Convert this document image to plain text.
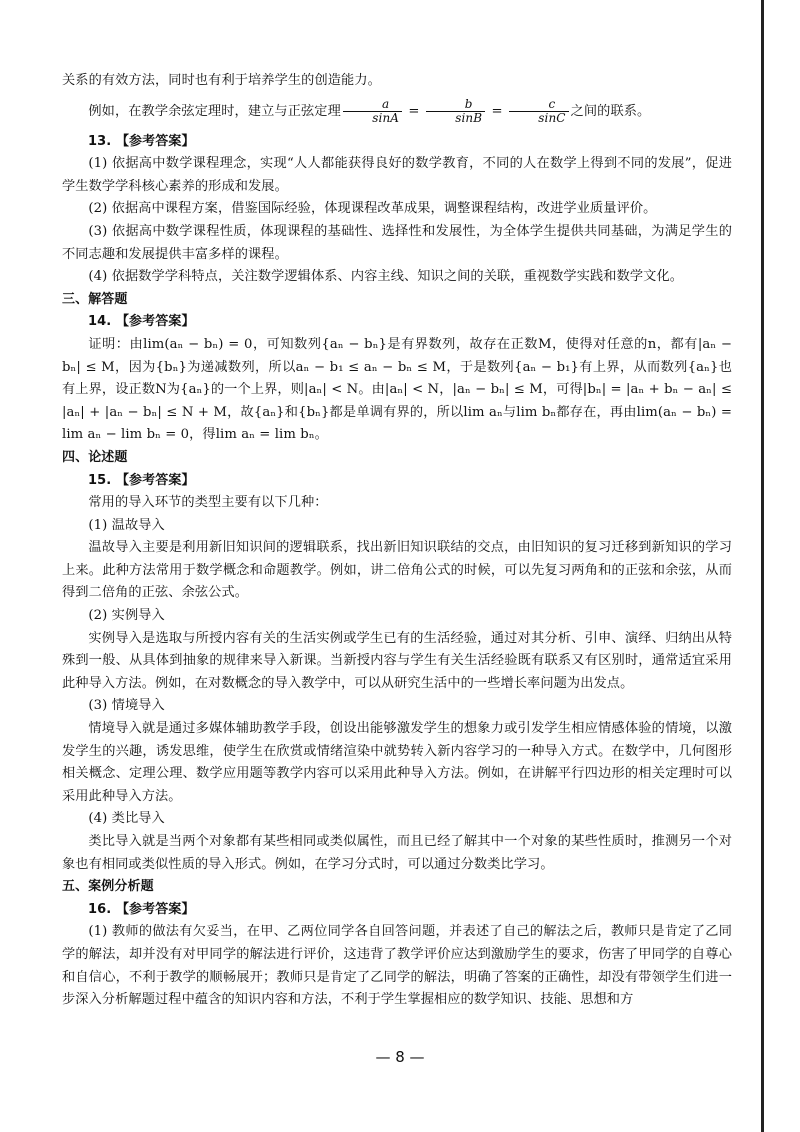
关系的有效方法，同时也有利于培养学生的创造能力。

例如，在教学余弦定理时，建立与正弦定理 $\frac{a}{\sin A} = \frac{b}{\sin B} = \frac{c}{\sin C}$ 之间的联系。

13. 【参考答案】

(1) 依据高中数学课程理念，实现“人人都能获得良好的数学教育，不同的人在数学上得到不同的发展”，促进学生数学学科核心素养的形成和发展。

(2) 依据高中课程方案，借鉴国际经验，体现课程改革成果，调整课程结构，改进学业质量评价。

(3) 依据高中数学课程性质，体现课程的基础性、选择性和发展性，为全体学生提供共同基础，为满足学生的不同志趣和发展提供丰富多样的课程。

(4) 依据数学学科特点，关注数学逻辑体系、内容主线、知识之间的关联，重视数学实践和数学文化。

三、解答题

14. 【参考答案】

证明：由lim(aₙ − bₙ) = 0，可知数列{aₙ − bₙ}是有界数列，故存在正数M，使得对任意的n，都有|aₙ − bₙ| ≤ M，因为{bₙ}为递减数列，所以aₙ − b₁ ≤ aₙ − bₙ ≤ M，于是数列{aₙ − b₁}有上界，从而数列{aₙ}也有上界，设正数N为{aₙ}的一个上界，则|aₙ| < N。由|aₙ| < N，|aₙ − bₙ| ≤ M，可得|bₙ| = |aₙ + bₙ − aₙ| ≤ |aₙ| + |aₙ − bₙ| ≤ N + M，故{aₙ}和{bₙ}都是单调有界的，所以lim aₙ与lim bₙ都存在，再由lim(aₙ − bₙ) = lim aₙ − lim bₙ = 0，得lim aₙ = lim bₙ。

四、论述题

15. 【参考答案】

常用的导入环节的类型主要有以下几种：

(1) 温故导入

温故导入主要是利用新旧知识间的逻辑联系，找出新旧知识联结的交点，由旧知识的复习迁移到新知识的学习上来。此种方法常用于数学概念和命题教学。例如，讲二倍角公式的时候，可以先复习两角和的正弦和余弦，从而得到二倍角的正弦、余弦公式。

(2) 实例导入

实例导入是选取与所授内容有关的生活实例或学生已有的生活经验，通过对其分析、引申、演绎、归纳出从特殊到一般、从具体到抽象的规律来导入新课。当新授内容与学生有关生活经验既有联系又有区别时，通常适宜采用此种导入方法。例如，在对数概念的导入教学中，可以从研究生活中的一些增长率问题为出发点。

(3) 情境导入

情境导入就是通过多媒体辅助教学手段，创设出能够激发学生的想象力或引发学生相应情感体验的情境，以激发学生的兴趣，诱发思维，使学生在欣赏或情绪渲染中就势转入新内容学习的一种导入方式。在数学中，几何图形相关概念、定理公理、数学应用题等教学内容可以采用此种导入方法。例如，在讲解平行四边形的相关定理时可以采用此种导入方法。

(4) 类比导入

类比导入就是当两个对象都有某些相同或类似属性，而且已经了解其中一个对象的某些性质时，推测另一个对象也有相同或类似性质的导入形式。例如，在学习分式时，可以通过分数类比学习。

五、案例分析题

16. 【参考答案】

(1) 教师的做法有欠妥当，在甲、乙两位同学各自回答问题，并表述了自己的解法之后，教师只是肯定了乙同学的解法，却并没有对甲同学的解法进行评价，这违背了教学评价应达到激励学生的要求，伤害了甲同学的自尊心和自信心，不利于教学的顺畅展开；教师只是肯定了乙同学的解法，明确了答案的正确性，却没有带领学生们进一步深入分析解题过程中蕴含的知识内容和方法，不利于学生掌握相应的数学知识、技能、思想和方

— 8 —
